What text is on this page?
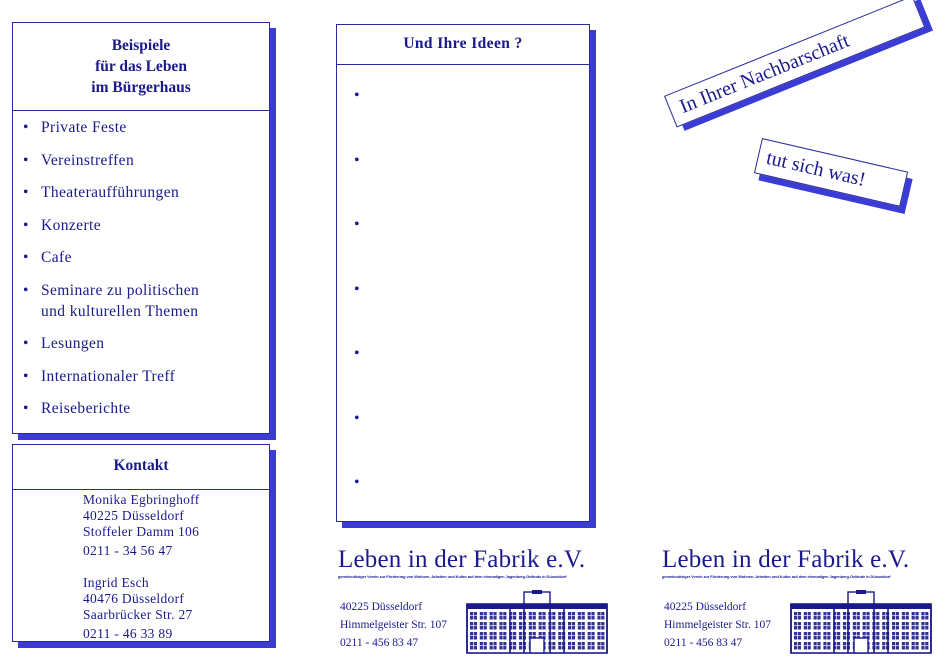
Beispiele
für das Leben
im Bürgerhaus
• Private Feste
• Vereinstreffen
• Theateraufführungen
• Konzerte
• Cafe
• Seminare zu politischen
und kulturellen Themen
• Lesungen
• Internationaler Treff
• Reiseberichte
Kontakt
Monika Egbringhoff
40225 Düsseldorf
Stoffeler Damm 106
0211 - 34 56 47
Ingrid Esch
40476 Düsseldorf
Saarbrücker Str. 27
0211 - 46 33 89
Und Ihre Ideen ?
•
•
•
•
•
•
•
In Ihrer Nachbarschaft
tut sich was!
Leben in der Fabrik e.V.
gemeinnütziger Verein zur Förderung von Wohnen, Arbeiten und Kultur auf dem ehemaligen Jagenberg-Gelände in Düsseldorf
40225 Düsseldorf
Himmelgeister Str. 107
0211 - 456 83 47
Leben in der Fabrik e.V.
gemeinnütziger Verein zur Förderung von Wohnen, Arbeiten und Kultur auf dem ehemaligen Jagenberg-Gelände in Düsseldorf
40225 Düsseldorf
Himmelgeister Str. 107
0211 - 456 83 47
